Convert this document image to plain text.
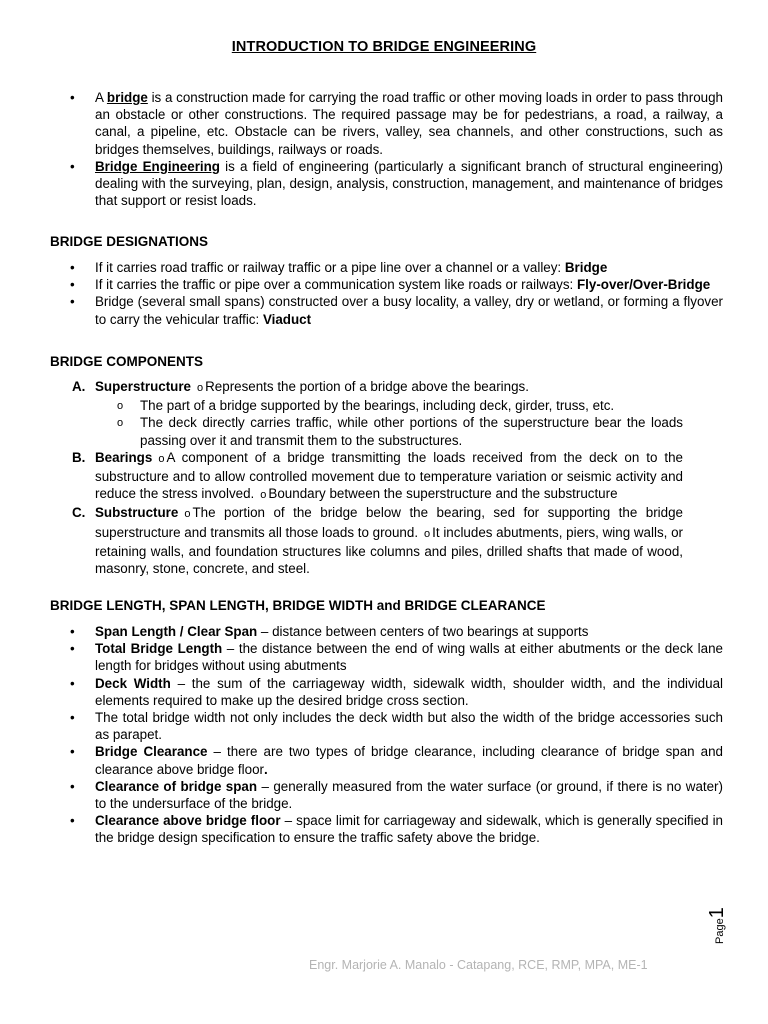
INTRODUCTION TO BRIDGE ENGINEERING
• A bridge is a construction made for carrying the road traffic or other moving loads in order to pass through an obstacle or other constructions. The required passage may be for pedestrians, a road, a railway, a canal, a pipeline, etc. Obstacle can be rivers, valley, sea channels, and other constructions, such as bridges themselves, buildings, railways or roads.
• Bridge Engineering is a field of engineering (particularly a significant branch of structural engineering) dealing with the surveying, plan, design, analysis, construction, management, and maintenance of bridges that support or resist loads.
BRIDGE DESIGNATIONS
• If it carries road traffic or railway traffic or a pipe line over a channel or a valley: Bridge
• If it carries the traffic or pipe over a communication system like roads or railways: Fly-over/Over-Bridge
• Bridge (several small spans) constructed over a busy locality, a valley, dry or wetland, or forming a flyover to carry the vehicular traffic: Viaduct
BRIDGE COMPONENTS
A. Superstructure o Represents the portion of a bridge above the bearings.
o The part of a bridge supported by the bearings, including deck, girder, truss, etc.
o The deck directly carries traffic, while other portions of the superstructure bear the loads passing over it and transmit them to the substructures.
B. Bearings o A component of a bridge transmitting the loads received from the deck on to the substructure and to allow controlled movement due to temperature variation or seismic activity and reduce the stress involved. o Boundary between the superstructure and the substructure
C. Substructure o The portion of the bridge below the bearing, sed for supporting the bridge superstructure and transmits all those loads to ground. o It includes abutments, piers, wing walls, or retaining walls, and foundation structures like columns and piles, drilled shafts that made of wood, masonry, stone, concrete, and steel.
BRIDGE LENGTH, SPAN LENGTH, BRIDGE WIDTH and BRIDGE CLEARANCE
• Span Length / Clear Span – distance between centers of two bearings at supports
• Total Bridge Length – the distance between the end of wing walls at either abutments or the deck lane length for bridges without using abutments
• Deck Width – the sum of the carriageway width, sidewalk width, shoulder width, and the individual elements required to make up the desired bridge cross section.
• The total bridge width not only includes the deck width but also the width of the bridge accessories such as parapet.
• Bridge Clearance – there are two types of bridge clearance, including clearance of bridge span and clearance above bridge floor.
• Clearance of bridge span – generally measured from the water surface (or ground, if there is no water) to the undersurface of the bridge.
• Clearance above bridge floor – space limit for carriageway and sidewalk, which is generally specified in the bridge design specification to ensure the traffic safety above the bridge.
Page1
Engr. Marjorie A. Manalo - Catapang, RCE, RMP, MPA, ME-1
